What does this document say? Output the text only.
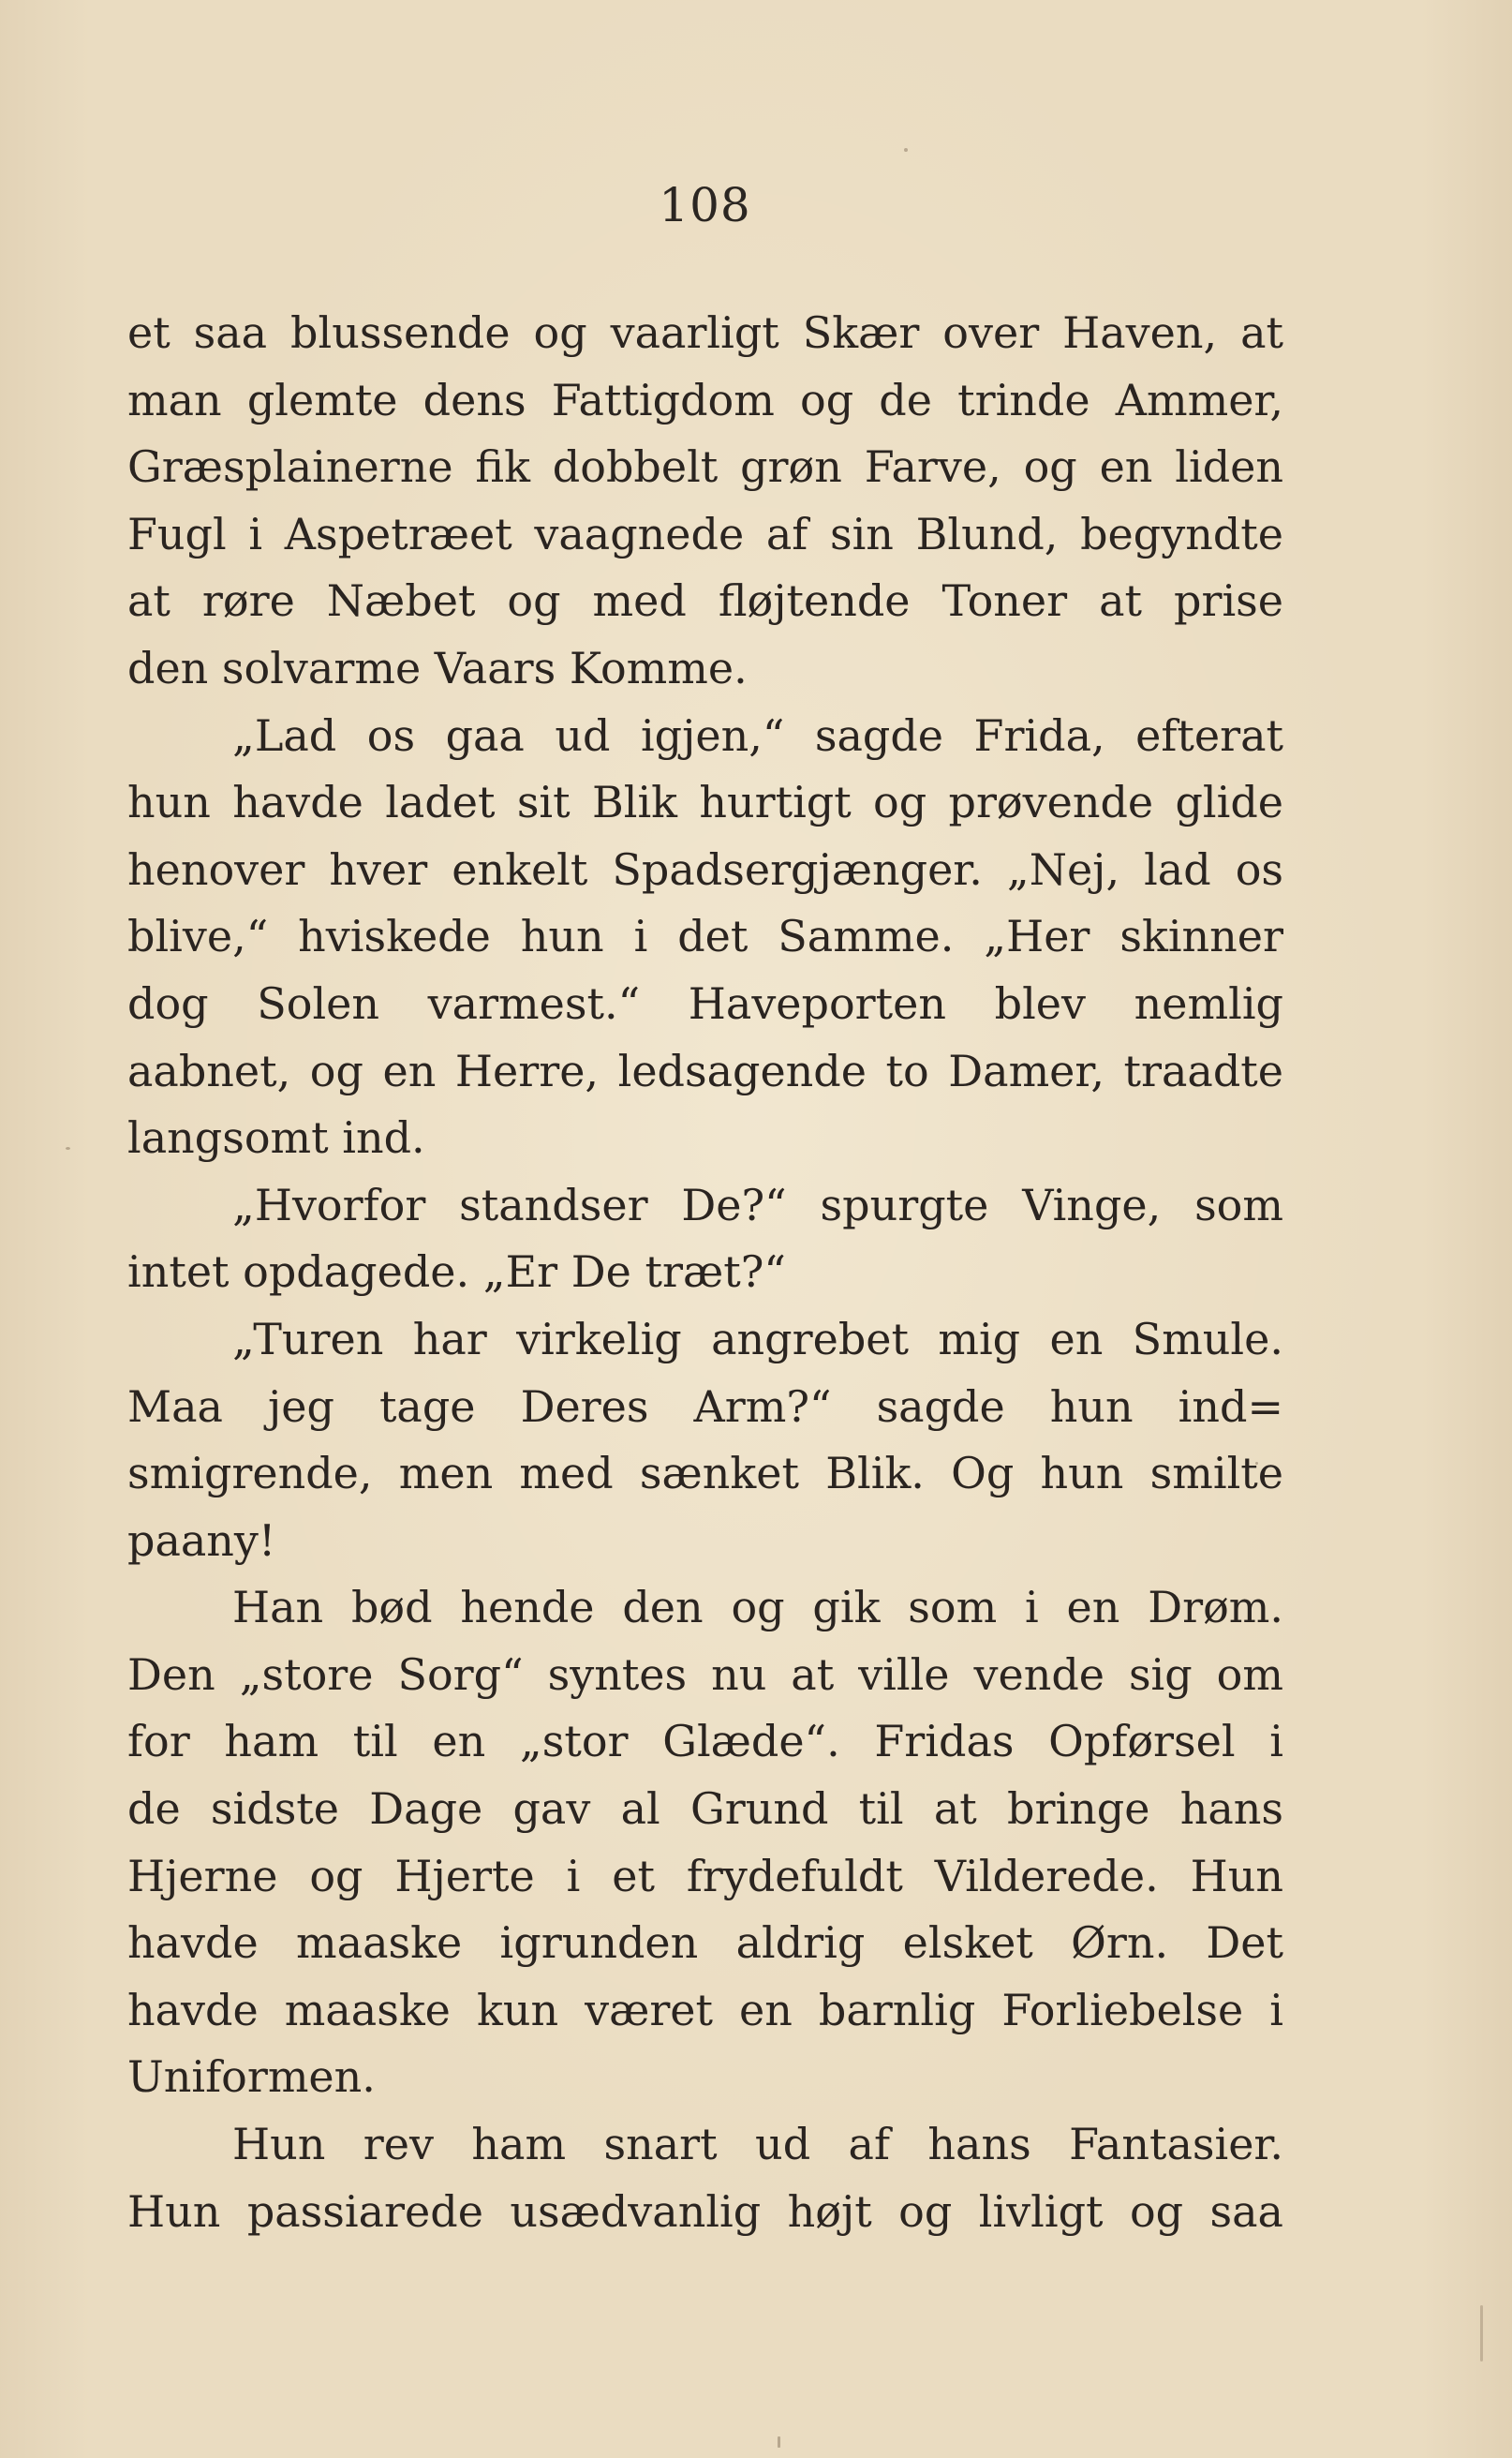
108
et saa blussende og vaarligt Skær over Haven, at
man glemte dens Fattigdom og de trinde Ammer,
Græsplainerne fik dobbelt grøn Farve, og en liden
Fugl i Aspetræet vaagnede af sin Blund, begyndte
at røre Næbet og med fløjtende Toner at prise
den solvarme Vaars Komme.
„Lad os gaa ud igjen,“ sagde Frida, efterat
hun havde ladet sit Blik hurtigt og prøvende glide
henover hver enkelt Spadsergjænger. „Nej, lad os
blive,“ hviskede hun i det Samme. „Her skinner
dog Solen varmest.“ Haveporten blev nemlig
aabnet, og en Herre, ledsagende to Damer, traadte
langsomt ind.
„Hvorfor standser De?“ spurgte Vinge, som
intet opdagede. „Er De træt?“
„Turen har virkelig angrebet mig en Smule.
Maa jeg tage Deres Arm?“ sagde hun ind=
smigrende, men med sænket Blik. Og hun smilte
paany!
Han bød hende den og gik som i en Drøm.
Den „store Sorg“ syntes nu at ville vende sig om
for ham til en „stor Glæde“. Fridas Opførsel i
de sidste Dage gav al Grund til at bringe hans
Hjerne og Hjerte i et frydefuldt Vilderede. Hun
havde maaske igrunden aldrig elsket Ørn. Det
havde maaske kun været en barnlig Forliebelse i
Uniformen.
Hun rev ham snart ud af hans Fantasier.
Hun passiarede usædvanlig højt og livligt og saa
